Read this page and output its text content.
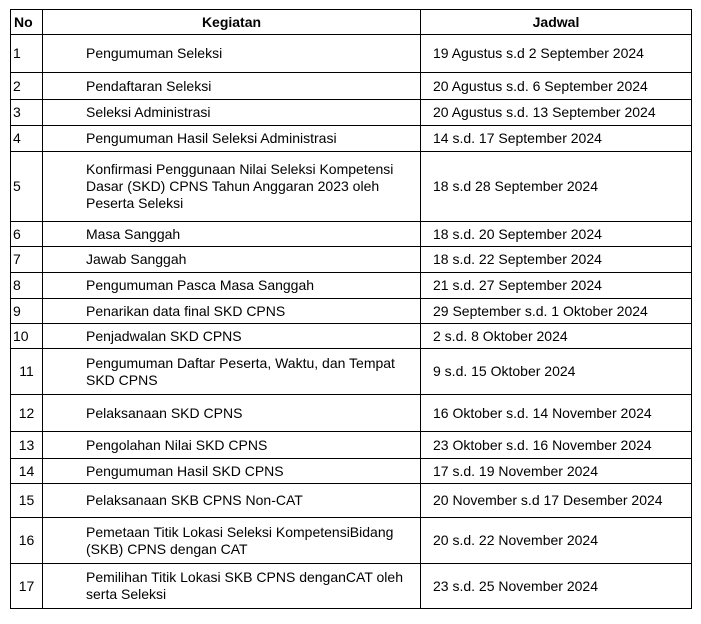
No	Kegiatan	Jadwal
1	Pengumuman Seleksi	19 Agustus s.d 2 September 2024
2	Pendaftaran Seleksi	20 Agustus s.d. 6 September 2024
3	Seleksi Administrasi	20 Agustus s.d. 13 September 2024
4	Pengumuman Hasil Seleksi Administrasi	14 s.d. 17 September 2024
5	Konfirmasi Penggunaan Nilai Seleksi Kompetensi Dasar (SKD) CPNS Tahun Anggaran 2023 oleh Peserta Seleksi	18 s.d 28 September 2024
6	Masa Sanggah	18 s.d. 20 September 2024
7	Jawab Sanggah	18 s.d. 22 September 2024
8	Pengumuman Pasca Masa Sanggah	21 s.d. 27 September 2024
9	Penarikan data final SKD CPNS	29 September s.d. 1 Oktober 2024
10	Penjadwalan SKD CPNS	2 s.d. 8 Oktober 2024
11	Pengumuman Daftar Peserta, Waktu, dan Tempat SKD CPNS	9 s.d. 15 Oktober 2024
12	Pelaksanaan SKD CPNS	16 Oktober s.d. 14 November 2024
13	Pengolahan Nilai SKD CPNS	23 Oktober s.d. 16 November 2024
14	Pengumuman Hasil SKD CPNS	17 s.d. 19 November 2024
15	Pelaksanaan SKB CPNS Non-CAT	20 November s.d 17 Desember 2024
16	Pemetaan Titik Lokasi Seleksi KompetensiBidang (SKB) CPNS dengan CAT	20 s.d. 22 November 2024
17	Pemilihan Titik Lokasi SKB CPNS denganCAT oleh serta Seleksi	23 s.d. 25 November 2024
